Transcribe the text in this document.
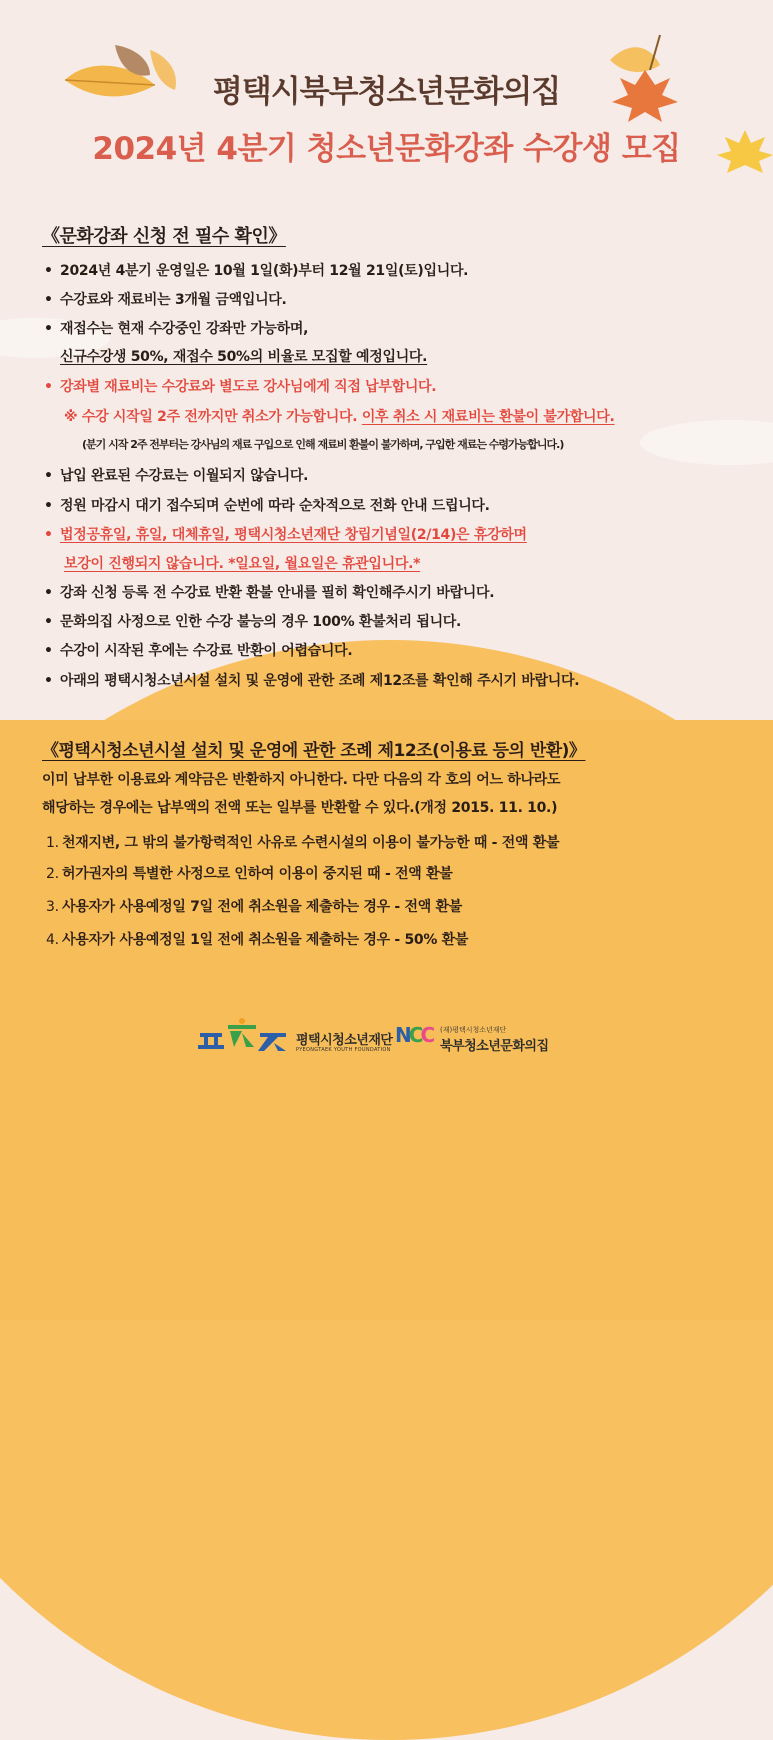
평택시북부청소년문화의집
2024년 4분기 청소년문화강좌 수강생 모집
《문화강좌 신청 전 필수 확인》
• 2024년 4분기 운영일은 10월 1일(화)부터 12월 21일(토)입니다.
• 수강료와 재료비는 3개월 금액입니다.
• 재접수는 현재 수강중인 강좌만 가능하며,
신규수강생 50%, 재접수 50%의 비율로 모집할 예정입니다.
• 강좌별 재료비는 수강료와 별도로 강사님에게 직접 납부합니다.
※ 수강 시작일 2주 전까지만 취소가 가능합니다. 이후 취소 시 재료비는 환불이 불가합니다.
(분기 시작 2주 전부터는 강사님의 재료 구입으로 인해 재료비 환불이 불가하며, 구입한 재료는 수령가능합니다.)
• 납입 완료된 수강료는 이월되지 않습니다.
• 정원 마감시 대기 접수되며 순번에 따라 순차적으로 전화 안내 드립니다.
• 법정공휴일, 휴일, 대체휴일, 평택시청소년재단 창립기념일(2/14)은 휴강하며
보강이 진행되지 않습니다. *일요일, 월요일은 휴관입니다.*
• 강좌 신청 등록 전 수강료 반환 환불 안내를 필히 확인해주시기 바랍니다.
• 문화의집 사정으로 인한 수강 불능의 경우 100% 환불처리 됩니다.
• 수강이 시작된 후에는 수강료 반환이 어렵습니다.
• 아래의 평택시청소년시설 설치 및 운영에 관한 조례 제12조를 확인해 주시기 바랍니다.
《평택시청소년시설 설치 및 운영에 관한 조례 제12조(이용료 등의 반환)》
이미 납부한 이용료와 계약금은 반환하지 아니한다. 다만 다음의 각 호의 어느 하나라도
해당하는 경우에는 납부액의 전액 또는 일부를 반환할 수 있다.(개정 2015. 11. 10.)
1. 천재지변, 그 밖의 불가항력적인 사유로 수련시설의 이용이 불가능한 때 - 전액 환불
2. 허가권자의 특별한 사정으로 인하여 이용이 중지된 때 - 전액 환불
3. 사용자가 사용예정일 7일 전에 취소원을 제출하는 경우 - 전액 환불
4. 사용자가 사용예정일 1일 전에 취소원을 제출하는 경우 - 50% 환불
평택시청소년재단
PYEONGTAEK YOUTH FOUNDATION
NCC (재)평택시청소년재단
북부청소년문화의집
